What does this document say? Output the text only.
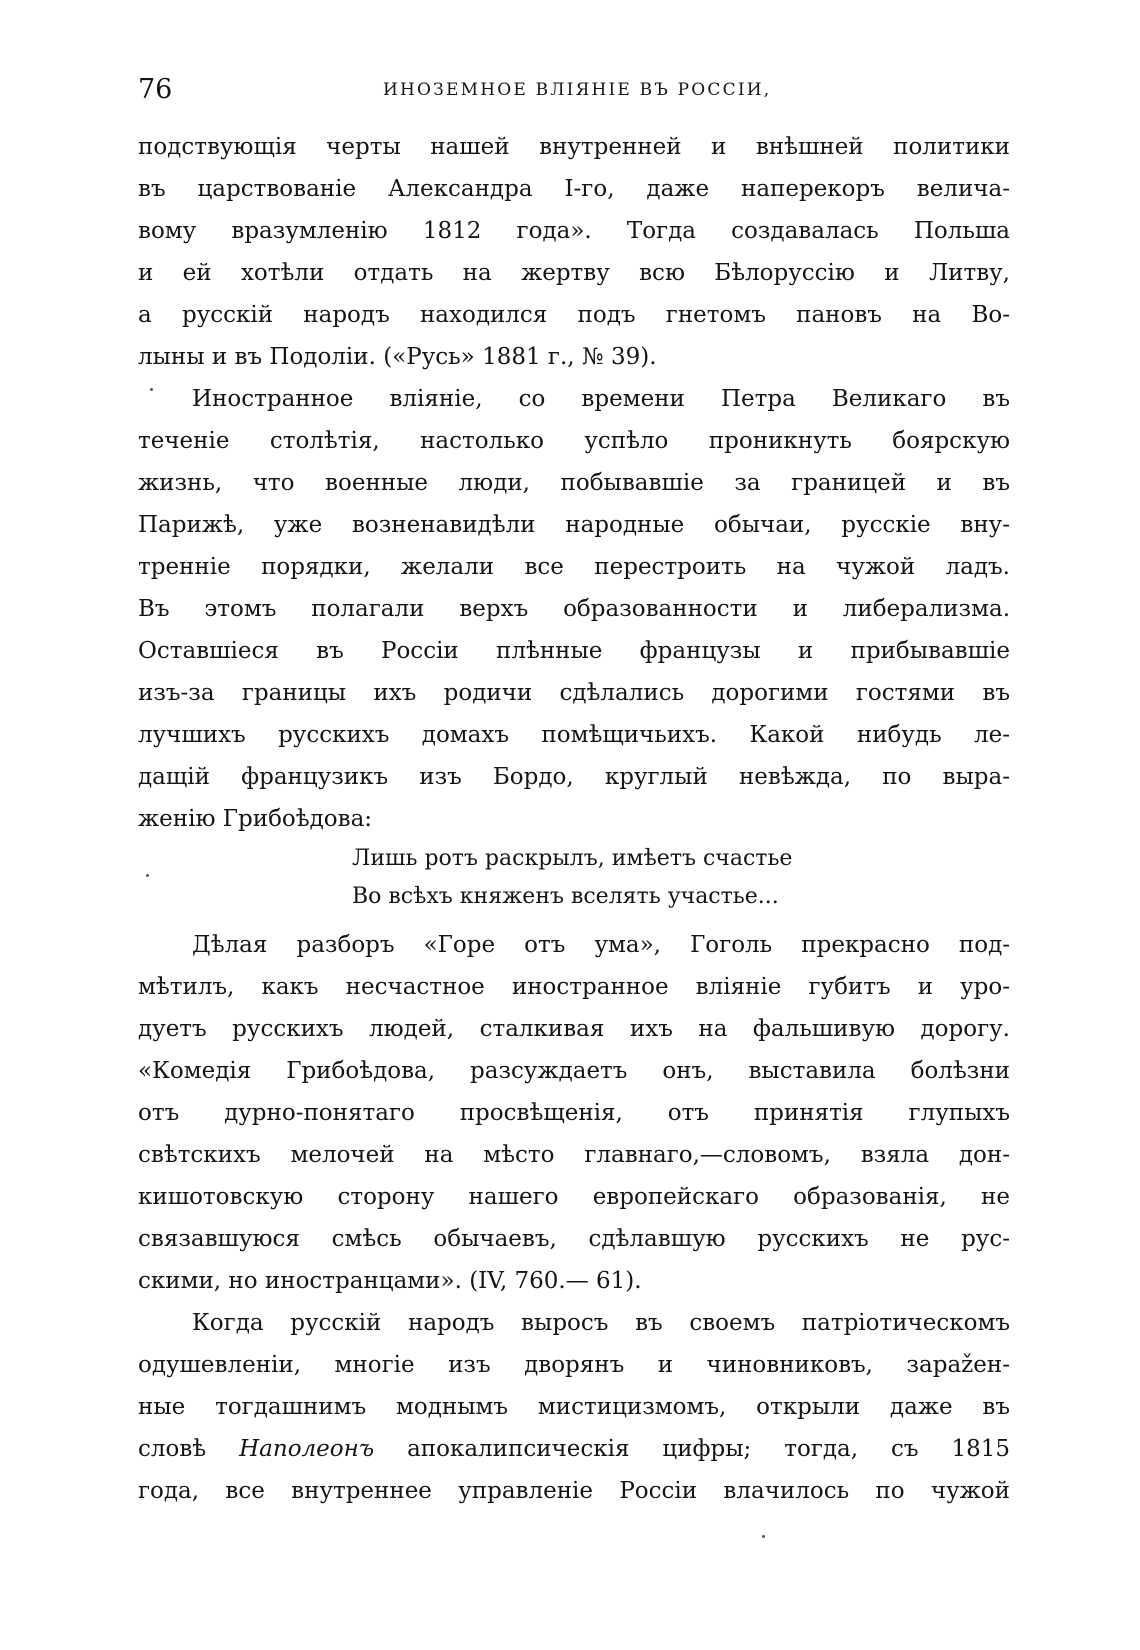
76	ИНОЗЕМНОЕ ВЛІЯНІЕ ВЪ РОССІИ,
подствующія черты нашей внутренней и внѣшней политики
въ царствованіе Александра I-го, даже наперекоръ велича-
вому вразумленію 1812 года». Тогда создавалась Польша
и ей хотѣли отдать на жертву всю Бѣлоруссію и Литву,
а русскій народъ находился подъ гнетомъ пановъ на Во-
лыны и въ Подоліи. («Русь» 1881 г., № 39).
Иностранное вліяніе, со времени Петра Великаго въ
теченіе столѣтія, настолько успѣло проникнуть боярскую
жизнь, что военные люди, побывавшіе за границей и въ
Парижѣ, уже возненавидѣли народные обычаи, русскіе вну-
тренніе порядки, желали все перестроить на чужой ладъ.
Въ этомъ полагали верхъ образованности и либерализма.
Оставшіеся въ Россіи плѣнные французы и прибывавшіе
изъ-за границы ихъ родичи сдѣлались дорогими гостями въ
лучшихъ русскихъ домахъ помѣщичьихъ. Какой нибудь ле-
дащій французикъ изъ Бордо, круглый невѣжда, по выра-
женію Грибоѣдова:
Лишь ротъ раскрылъ, имѣетъ счастье
Во всѣхъ княженъ вселять участье...
Дѣлая разборъ «Горе отъ ума», Гоголь прекрасно под-
мѣтилъ, какъ несчастное иностранное вліяніе губитъ и уро-
дуетъ русскихъ людей, сталкивая ихъ на фальшивую дорогу.
«Комедія Грибоѣдова, разсуждаетъ онъ, выставила болѣзни
отъ дурно-понятаго просвѣщенія, отъ принятія глупыхъ
свѣтскихъ мелочей на мѣсто главнаго,—словомъ, взяла дон-
кишотовскую сторону нашего европейскаго образованія, не
связавшуюся смѣсь обычаевъ, сдѣлавшую русскихъ не рус-
скими, но иностранцами». (IV, 760.— 61).
Когда русскій народъ выросъ въ своемъ патріотическомъ
одушевленіи, многіе изъ дворянъ и чиновниковъ, зараžен-
ные тогдашнимъ моднымъ мистицизмомъ, открыли даже въ
словѣ Наполеонъ апокалипсическія цифры; тогда, съ 1815
года, все внутреннее управленіе Россіи влачилось по чужой
